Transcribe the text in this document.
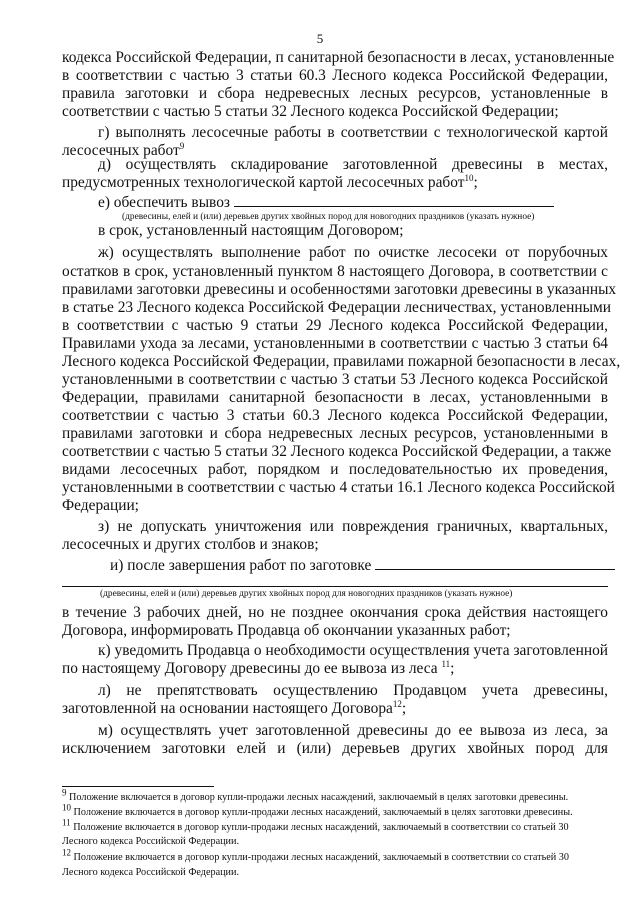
5
кодекса Российской Федерации, п санитарной безопасности в лесах, установленные
в соответствии с частью 3 статьи 60.3 Лесного кодекса Российской Федерации,
правила заготовки и сбора недревесных лесных ресурсов, установленные в
соответствии с частью 5 статьи 32 Лесного кодекса Российской Федерации;
г) выполнять лесосечные работы в соответствии с технологической картой
лесосечных работ$^9$
д) осуществлять складирование заготовленной древесины в местах,
предусмотренных технологической картой лесосечных работ$^{10}$;
е) обеспечить вывоз
(древесины, елей и (или) деревьев других хвойных пород для новогодних праздников (указать нужное)
в срок, установленный настоящим Договором;
ж) осуществлять выполнение работ по очистке лесосеки от порубочных
остатков в срок, установленный пунктом 8 настоящего Договора, в соответствии с
правилами заготовки древесины и особенностями заготовки древесины в указанных
в статье 23 Лесного кодекса Российской Федерации лесничествах, установленными
в соответствии с частью 9 статьи 29 Лесного кодекса Российской Федерации,
Правилами ухода за лесами, установленными в соответствии с частью 3 статьи 64
Лесного кодекса Российской Федерации, правилами пожарной безопасности в лесах,
установленными в соответствии с частью 3 статьи 53 Лесного кодекса Российской
Федерации, правилами санитарной безопасности в лесах, установленными в
соответствии с частью 3 статьи 60.3 Лесного кодекса Российской Федерации,
правилами заготовки и сбора недревесных лесных ресурсов, установленными в
соответствии с частью 5 статьи 32 Лесного кодекса Российской Федерации, а также
видами лесосечных работ, порядком и последовательностью их проведения,
установленными в соответствии с частью 4 статьи 16.1 Лесного кодекса Российской
Федерации;
з) не допускать уничтожения или повреждения граничных, квартальных,
лесосечных и других столбов и знаков;
и) после завершения работ по заготовке
(древесины, елей и (или) деревьев других хвойных пород для новогодних праздников (указать нужное)
в течение 3 рабочих дней, но не позднее окончания срока действия настоящего
Договора, информировать Продавца об окончании указанных работ;
к) уведомить Продавца о необходимости осуществления учета заготовленной
по настоящему Договору древесины до ее вывоза из леса $^{11}$;
л) не препятствовать осуществлению Продавцом учета древесины,
заготовленной на основании настоящего Договора$^{12}$;
м) осуществлять учет заготовленной древесины до ее вывоза из леса, за
исключением заготовки елей и (или) деревьев других хвойных пород для
$^9$ Положение включается в договор купли-продажи лесных насаждений, заключаемый в целях заготовки древесины.
$^{10}$ Положение включается в договор купли-продажи лесных насаждений, заключаемый в целях заготовки древесины.
$^{11}$ Положение включается в договор купли-продажи лесных насаждений, заключаемый в соответствии со статьей 30
Лесного кодекса Российской Федерации.
$^{12}$ Положение включается в договор купли-продажи лесных насаждений, заключаемый в соответствии со статьей 30
Лесного кодекса Российской Федерации.
